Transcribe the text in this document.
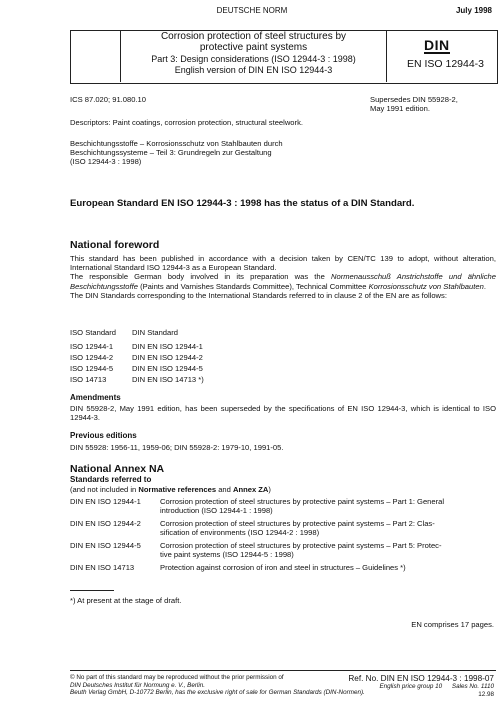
DEUTSCHE NORM	July 1998
Corrosion protection of steel structures by
protective paint systems
Part 3: Design considerations (ISO 12944-3 : 1998)
English version of DIN EN ISO 12944-3
DIN
EN ISO 12944-3
ICS 87.020; 91.080.10	Supersedes DIN 55928-2,
May 1991 edition.
Descriptors: Paint coatings, corrosion protection, structural steelwork.
Beschichtungsstoffe – Korrosionsschutz von Stahlbauten durch
Beschichtungssysteme – Teil 3: Grundregeln zur Gestaltung
(ISO 12944-3 : 1998)
European Standard EN ISO 12944-3 : 1998 has the status of a DIN Standard.
National foreword
This standard has been published in accordance with a decision taken by CEN/TC 139 to adopt, without alteration, International Standard ISO 12944-3 as a European Standard.
The responsible German body involved in its preparation was the Normenausschuß Anstrichstoffe und ähnliche Beschichtungsstoffe (Paints and Varnishes Standards Committee), Technical Committee Korrosionsschutz von Stahlbauten.
The DIN Standards corresponding to the International Standards referred to in clause 2 of the EN are as follows:
ISO Standard DIN Standard
ISO 12944-1 DIN EN ISO 12944-1
ISO 12944-2 DIN EN ISO 12944-2
ISO 12944-5 DIN EN ISO 12944-5
ISO 14713	DIN EN ISO 14713 *)
Amendments
DIN 55928-2, May 1991 edition, has been superseded by the specifications of EN ISO 12944-3, which is identical to ISO 12944-3.
Previous editions
DIN 55928: 1956-11, 1959-06; DIN 55928-2: 1979-10, 1991-05.
National Annex NA
Standards referred to
(and not included in Normative references and Annex ZA)
DIN EN ISO 12944-1	Corrosion protection of steel structures by protective paint systems – Part 1: General
introduction (ISO 12944-1 : 1998)
DIN EN ISO 12944-2	Corrosion protection of steel structures by protective paint systems – Part 2: Clas-
sification of environments (ISO 12944-2 : 1998)
DIN EN ISO 12944-5	Corrosion protection of steel structures by protective paint systems – Part 5: Protec-
tive paint systems (ISO 12944-5 : 1998)
DIN EN ISO 14713	Protection against corrosion of iron and steel in structures – Guidelines *)
*) At present at the stage of draft.
EN comprises 17 pages.
© No part of this standard may be reproduced without the prior permission of
DIN Deutsches Institut für Normung e. V., Berlin.
Beuth Verlag GmbH, D-10772 Berlin, has the exclusive right of sale for German Standards (DIN-Normen).
Ref. No. DIN EN ISO 12944-3 : 1998-07
English price group 10 Sales No. 1110
12.98
